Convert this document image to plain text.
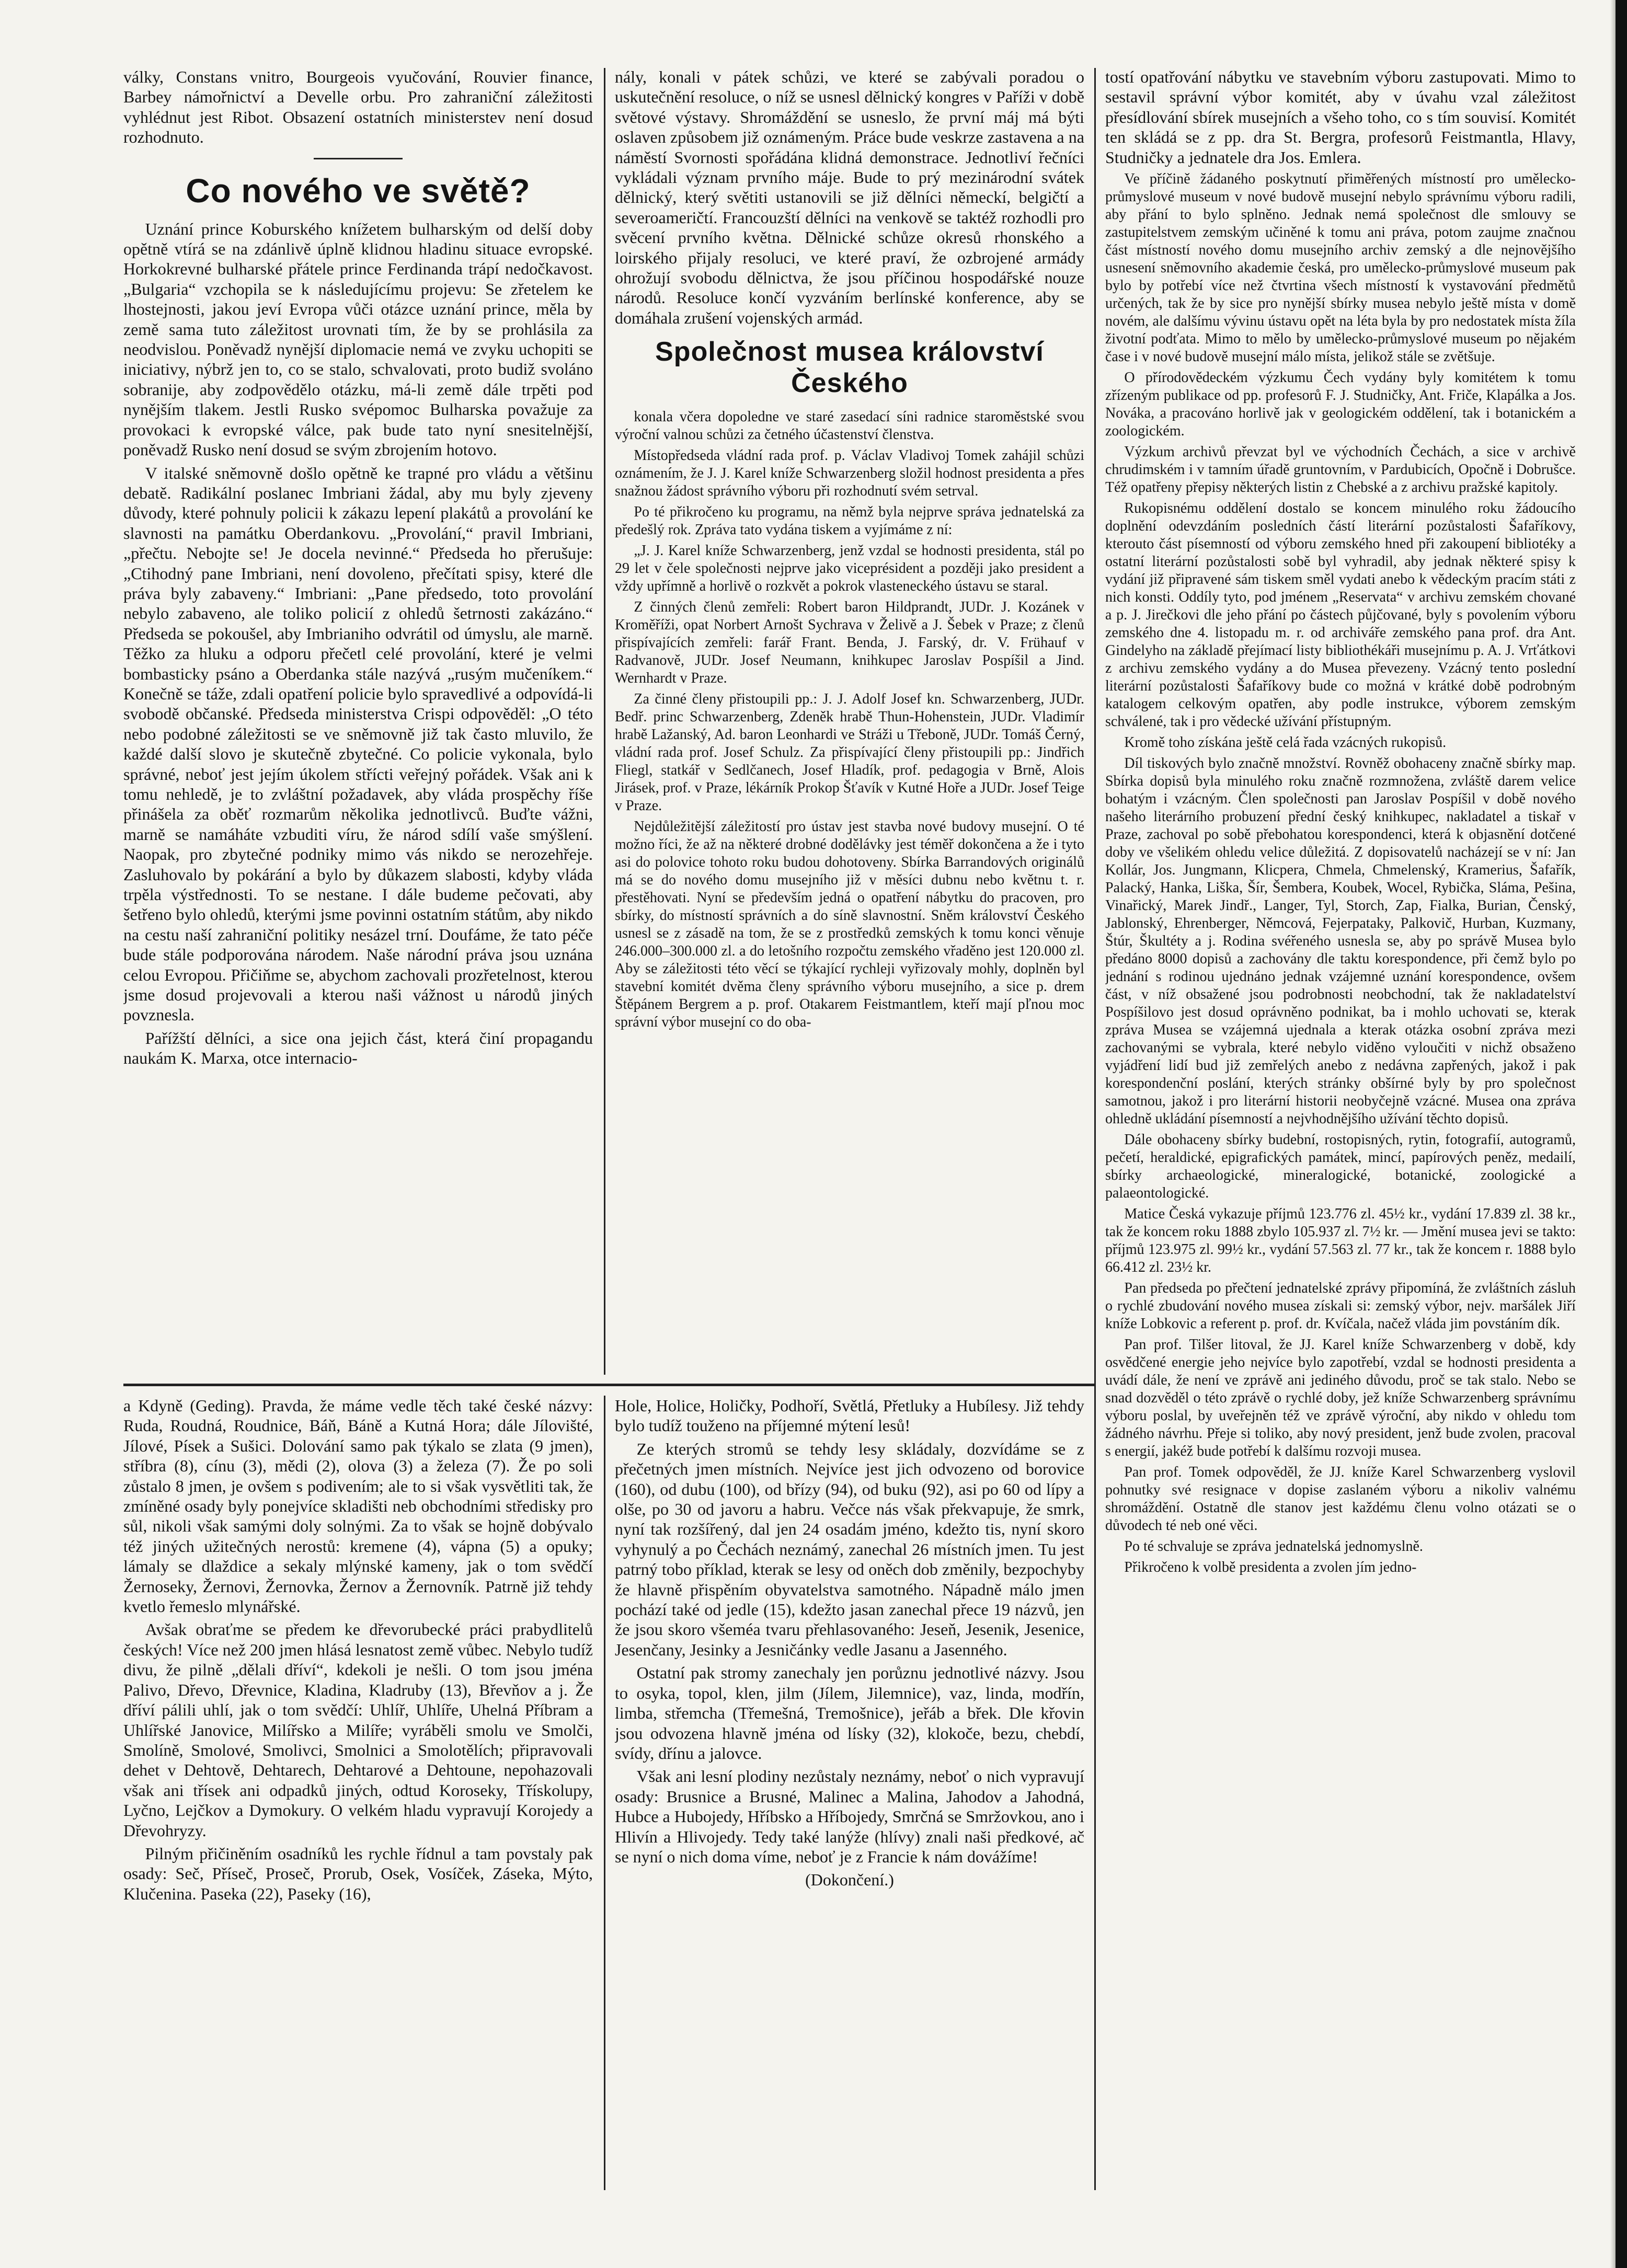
války, Constans vnitro, Bourgeois vyučování, Rouvier finance, Barbey námořnictví a Develle orbu. Pro zahraniční záležitosti vyhlédnut jest Ribot. Obsazení ostatních ministerstev není dosud rozhodnuto.

Co nového ve světě?

Uznání prince Koburského knížetem bulharským od delší doby opětně vtírá se na zdánlivě úplně klidnou hladinu situace evropské. Horkokrevné bulharské přátele prince Ferdinanda trápí nedočkavost. „Bulgaria“ vzchopila se k následujícímu projevu: Se zřetelem ke lhostejnosti, jakou jeví Evropa vůči otázce uznání prince, měla by země sama tuto záležitost urovnati tím, že by se prohlásila za neodvislou. Poněvadž nynější diplomacie nemá ve zvyku uchopiti se iniciativy, nýbrž jen to, co se stalo, schvalovati, proto budiž svoláno sobranije, aby zodpovědělo otázku, má-li země dále trpěti pod nynějším tlakem. Jestli Rusko svépomoc Bulharska považuje za provokaci k evropské válce, pak bude tato nyní snesitelnější, poněvadž Rusko není dosud se svým zbrojením hotovo.

V italské sněmovně došlo opětně ke trapné pro vládu a většinu debatě. Radikální poslanec Imbriani žádal, aby mu byly zjeveny důvody, které pohnuly policii k zákazu lepení plakátů a provolání ke slavnosti na památku Oberdankovu. „Provolání,“ pravil Imbriani, „přečtu. Nebojte se! Je docela nevinné.“ Předseda ho přerušuje: „Ctihodný pane Imbriani, není dovoleno, přečítati spisy, které dle práva byly zabaveny.“ Imbriani: „Pane předsedo, toto provolání nebylo zabaveno, ale toliko policií z ohledů šetrnosti zakázáno.“ Předseda se pokoušel, aby Imbrianiho odvrátil od úmyslu, ale marně. Těžko za hluku a odporu přečetl celé provolání, které je velmi bombasticky psáno a Oberdanka stále nazývá „rusým mučeníkem.“ Konečně se táže, zdali opatření policie bylo spravedlivé a odpovídá-li svobodě občanské. Předseda ministerstva Crispi odpověděl: „O této nebo podobné záležitosti se ve sněmovně již tak často mluvilo, že každé další slovo je skutečně zbytečné. Co policie vykonala, bylo správné, neboť jest jejím úkolem střícti veřejný pořádek. Však ani k tomu nehledě, je to zvláštní požadavek, aby vláda prospěchy říše přinášela za oběť rozmarům několika jednotlivců. Buďte vážni, marně se namáháte vzbuditi víru, že národ sdílí vaše smýšlení. Naopak, pro zbytečné podniky mimo vás nikdo se nerozehřeje. Zasluhovalo by pokárání a bylo by důkazem slabosti, kdyby vláda trpěla výstřednosti. To se nestane. I dále budeme pečovati, aby šetřeno bylo ohledů, kterými jsme povinni ostatním státům, aby nikdo na cestu naší zahraniční politiky nesázel trní. Doufáme, že tato péče bude stále podporována národem. Naše národní práva jsou uznána celou Evropou. Přičiňme se, abychom zachovali prozřetelnost, kterou jsme dosud projevovali a kterou naši vážnost u národů jiných povznesla.

Pařížští dělníci, a sice ona jejich část, která činí propagandu naukám K. Marxa, otce internacio-

nály, konali v pátek schůzi, ve které se zabývali poradou o uskutečnění resoluce, o níž se usnesl dělnický kongres v Paříži v době světové výstavy. Shromáždění se usneslo, že první máj má býti oslaven způsobem již oznámeným. Práce bude veskrze zastavena a na náměstí Svornosti spořádána klidná demonstrace. Jednotliví řečníci vykládali význam prvního máje. Bude to prý mezinárodní svátek dělnický, který světiti ustanovili se již dělníci německí, belgičtí a severoameričtí. Francouzští dělníci na venkově se taktéž rozhodli pro svěcení prvního května. Dělnické schůze okresů rhonského a loirského přijaly resoluci, ve které praví, že ozbrojené armády ohrožují svobodu dělnictva, že jsou příčinou hospodářské nouze národů. Resoluce končí vyzváním berlínské konference, aby se domáhala zrušení vojenských armád.

Společnost musea království Českého

konala včera dopoledne ve staré zasedací síni radnice staroměstské svou výroční valnou schůzi za četného účastenství členstva.

Místopředseda vládní rada prof. p. Václav Vladivoj Tomek zahájil schůzi oznámením, že J. J. Karel kníže Schwarzenberg složil hodnost presidenta a přes snažnou žádost správního výboru při rozhodnutí svém setrval.

Po té přikročeno ku programu, na němž byla nejprve správa jednatelská za předešlý rok. Zpráva tato vydána tiskem a vyjímáme z ní:

„J. J. Karel kníže Schwarzenberg, jenž vzdal se hodnosti presidenta, stál po 29 let v čele společnosti nejprve jako viceprésident a později jako president a vždy upřímně a horlivě o rozkvět a pokrok vlasteneckého ústavu se staral.

Z činných členů zemřeli: Robert baron Hildprandt, JUDr. J. Kozánek v Kroměříži, opat Norbert Arnošt Sychrava v Želivě a J. Šebek v Praze; z členů přispívajících zemřeli: farář Frant. Benda, J. Farský, dr. V. Frühauf v Radvanově, JUDr. Josef Neumann, knihkupec Jaroslav Pospíšil a Jind. Wernhardt v Praze.

Za činné členy přistoupili pp.: J. J. Adolf Josef kn. Schwarzenberg, JUDr. Bedř. princ Schwarzenberg, Zdeněk hrabě Thun-Hohenstein, JUDr. Vladimír hrabě Lažanský, Ad. baron Leonhardi ve Stráži u Třeboně, JUDr. Tomáš Černý, vládní rada prof. Josef Schulz. Za přispívající členy přistoupili pp.: Jindřich Fliegl, statkář v Sedlčanech, Josef Hladík, prof. pedagogia v Brně, Alois Jirásek, prof. v Praze, lékárník Prokop Šťavík v Kutné Hoře a JUDr. Josef Teige v Praze.

Nejdůležitější záležitostí pro ústav jest stavba nové budovy musejní. O té možno říci, že až na některé drobné dodělávky jest téměř dokončena a že i tyto asi do polovice tohoto roku budou dohotoveny. Sbírka Barrandových originálů má se do nového domu musejního již v měsíci dubnu nebo květnu t. r. přestěhovati. Nyní se především jedná o opatření nábytku do pracoven, pro sbírky, do místností správních a do síně slavnostní. Sněm království Českého usnesl se z zásadě na tom, že se z prostředků zemských k tomu konci věnuje 246.000–300.000 zl. a do letošního rozpočtu zemského vřaděno jest 120.000 zl. Aby se záležitosti této věcí se týkající rychleji vyřizovaly mohly, doplněn byl stavební komitét dvěma členy správního výboru musejního, a sice p. drem Štěpánem Bergrem a p. prof. Otakarem Feistmantlem, kteří mají pľnou moc správní výbor musejní co do oba-

tostí opatřování nábytku ve stavebním výboru zastupovati. Mimo to sestavil správní výbor komitét, aby v úvahu vzal záležitost přesídlování sbírek musejních a všeho toho, co s tím souvisí. Komitét ten skládá se z pp. dra St. Bergra, profesorů Feistmantla, Hlavy, Studničky a jednatele dra Jos. Emlera.

Ve příčině žádaného poskytnutí přiměřených místností pro umělecko-průmyslové museum v nové budově musejní nebylo správnímu výboru radili, aby přání to bylo splněno. Jednak nemá společnost dle smlouvy se zastupitelstvem zemským učiněné k tomu ani práva, potom zaujme značnou část místností nového domu musejního archiv zemský a dle nejnovějšího usnesení sněmovního akademie česká, pro umělecko-průmyslové museum pak bylo by potřebí více než čtvrtina všech místností k vystavování předmětů určených, tak že by sice pro nynější sbírky musea nebylo ještě místa v domě novém, ale dalšímu vývinu ústavu opět na léta byla by pro nedostatek místa žíla životní podťata. Mimo to mělo by umělecko-průmyslové museum po nějakém čase i v nové budově musejní málo místa, jelikož stále se zvětšuje.

O přírodovědeckém výzkumu Čech vydány byly komitétem k tomu zřízeným publikace od pp. profesorů F. J. Studničky, Ant. Friče, Klapálka a Jos. Nováka, a pracováno horlivě jak v geologickém oddělení, tak i botanickém a zoologickém.

Výzkum archivů převzat byl ve východních Čechách, a sice v archivě chrudimském i v tamním úřadě gruntovním, v Pardubicích, Opočně i Dobrušce. Též opatřeny přepisy některých listin z Chebské a z archivu pražské kapitoly.

Rukopisnému oddělení dostalo se koncem minulého roku žádoucího doplnění odevzdáním posledních částí literární pozůstalosti Šafaříkovy, kterouto část písemností od výboru zemského hned při zakoupení bibliotéky a ostatní literární pozůstalosti sobě byl vyhradil, aby jednak některé spisy k vydání již připravené sám tiskem směl vydati anebo k vědeckým pracím státi z nich konsti. Oddíly tyto, pod jménem „Reservata“ v archivu zemském chované a p. J. Jirečkovi dle jeho přání po částech půjčované, byly s povolením výboru zemského dne 4. listopadu m. r. od archiváře zemského pana prof. dra Ant. Gindelyho na základě přejímací listy bibliothékáři musejnímu p. A. J. Vrťátkovi z archivu zemského vydány a do Musea převezeny. Vzácný tento poslední literární pozůstalosti Šafaříkovy bude co možná v krátké době podrobným katalogem celkovým opatřen, aby podle instrukce, výborem zemským schválené, tak i pro vědecké užívání přístupným.

Kromě toho získána ještě celá řada vzácných rukopisů.

Díl tiskových bylo značně množství. Rovněž obohaceny značně sbírky map. Sbírka dopisů byla minulého roku značně rozmnožena, zvláště darem velice bohatým i vzácným. Člen společnosti pan Jaroslav Pospíšil v době nového našeho literárního probuzení přední český knihkupec, nakladatel a tiskař v Praze, zachoval po sobě přebohatou korespondenci, která k objasnění dotčené doby ve všelikém ohledu velice důležitá. Z dopisovatelů nacházejí se v ní: Jan Kollár, Jos. Jungmann, Klicpera, Chmela, Chmelenský, Kramerius, Šafařík, Palacký, Hanka, Liška, Šír, Šembera, Koubek, Wocel, Rybička, Sláma, Pešina, Vinařický, Marek Jindř., Langer, Tyl, Storch, Zap, Fialka, Burian, Čenský, Jablonský, Ehrenberger, Němcová, Fejerpataky, Palkovič, Hurban, Kuzmany, Štúr, Škultéty a j. Rodina svéřeného usnesla se, aby po správě Musea bylo předáno 8000 dopisů a zachovány dle taktu korespondence, při čemž bylo po jednání s rodinou ujednáno jednak vzájemné uznání korespondence, ovšem část, v níž obsažené jsou podrobnosti neobchodní, tak že nakladatelství Pospíšilovo jest dosud oprávněno podnikat, ba i mohlo uchovati se, kterak zpráva Musea se vzájemná ujednala a kterak otázka osobní zpráva mezi zachovanými se vybrala, které nebylo viděno vyloučiti v nichž obsaženo vyjádření lidí bud již zemřelých anebo z nedávna zapřených, jakož i pak korespondenční poslání, kterých stránky obšírné byly by pro společnost samotnou, jakož i pro literární historii neobyčejně vzácné. Musea ona zpráva ohledně ukládání písemností a nejvhodnějšího užívání těchto dopisů.

Dále obohaceny sbírky budební, rostopisných, rytin, fotografií, autogramů, pečetí, heraldické, epigrafických památek, mincí, papírových peněz, medailí, sbírky archaeologické, mineralogické, botanické, zoologické a palaeontologické.

Matice Česká vykazuje příjmů 123.776 zl. 45½ kr., vydání 17.839 zl. 38 kr., tak že koncem roku 1888 zbylo 105.937 zl. 7½ kr. — Jmění musea jevi se takto: příjmů 123.975 zl. 99½ kr., vydání 57.563 zl. 77 kr., tak že koncem r. 1888 bylo 66.412 zl. 23½ kr.

Pan předseda po přečtení jednatelské zprávy připomíná, že zvláštních zásluh o rychlé zbudování nového musea získali si: zemský výbor, nejv. maršálek Jiří kníže Lobkovic a referent p. prof. dr. Kvíčala, načež vláda jim povstáním dík.

Pan prof. Tilšer litoval, že JJ. Karel kníže Schwarzenberg v době, kdy osvědčené energie jeho nejvíce bylo zapotřebí, vzdal se hodnosti presidenta a uvádí dále, že není ve zprávě ani jediného důvodu, proč se tak stalo. Nebo se snad dozvěděl o této zprávě o rychlé doby, jež kníže Schwarzenberg správnímu výboru poslal, by uveřejněn též ve zprávě výroční, aby nikdo v ohledu tom žádného návrhu. Přeje si toliko, aby nový president, jenž bude zvolen, pracoval s energií, jakéž bude potřebí k dalšímu rozvoji musea.

Pan prof. Tomek odpověděl, že JJ. kníže Karel Schwarzenberg vyslovil pohnutky své resignace v dopise zaslaném výboru a nikoliv valnému shromáždění. Ostatně dle stanov jest každému členu volno otázati se o důvodech té neb oné věci.

Po té schvaluje se zpráva jednatelská jednomyslně.

Přikročeno k volbě presidenta a zvolen jím jedno-

a Kdyně (Geding). Pravda, že máme vedle těch také české názvy: Ruda, Roudná, Roudnice, Báň, Báně a Kutná Hora; dále Jílovišté, Jílové, Písek a Sušici. Dolování samo pak týkalo se zlata (9 jmen), stříbra (8), cínu (3), mědi (2), olova (3) a železa (7). Že po soli zůstalo 8 jmen, je ovšem s podivením; ale to si však vysvětliti tak, že zmíněné osady byly ponejvíce skladišti neb obchodními středisky pro sůl, nikoli však samými doly solnými. Za to však se hojně dobývalo též jiných užitečných nerostů: kremene (4), vápna (5) a opuky; lámaly se dlaždice a sekaly mlýnské kameny, jak o tom svědčí Žernoseky, Žernovi, Žernovka, Žernov a Žernovník. Patrně již tehdy kvetlo řemeslo mlynářské.

Avšak obraťme se předem ke dřevorubecké práci prabydlitelů českých! Více než 200 jmen hlásá lesnatost země vůbec. Nebylo tudíž divu, že pilně „dělali dříví“, kdekoli je nešli. O tom jsou jména Palivo, Dřevo, Dřevnice, Kladina, Kladruby (13), Břevňov a j. Že dříví pálili uhlí, jak o tom svědčí: Uhlíř, Uhlíře, Uhelná Příbram a Uhlířské Janovice, Milířsko a Milíře; vyráběli smolu ve Smolči, Smolíně, Smolové, Smolivci, Smolnici a Smolotělích; připravovali dehet v Dehtově, Dehtarech, Dehtarové a Dehtoune, nepohazovali však ani třísek ani odpadků jiných, odtud Koroseky, Třískolupy, Lyčno, Lejčkov a Dymokury. O velkém hladu vypravují Korojedy a Dřevohryzy.

Pilným přičiněním osadníků les rychle řídnul a tam povstaly pak osady: Seč, Příseč, Proseč, Prorub, Osek, Vosíček, Záseka, Mýto, Klučenina. Paseka (22), Paseky (16),

Hole, Holice, Holičky, Podhoří, Světlá, Přetluky a Hubílesy. Již tehdy bylo tudíž touženo na příjemné mýtení lesů!

Ze kterých stromů se tehdy lesy skládaly, dozvídáme se z přečetných jmen místních. Nejvíce jest jich odvozeno od borovice (160), od dubu (100), od břízy (94), od buku (92), asi po 60 od lípy a olše, po 30 od javoru a habru. Večce nás však překvapuje, že smrk, nyní tak rozšířený, dal jen 24 osadám jméno, kdežto tis, nyní skoro vyhynulý a po Čechách neznámý, zanechal 26 místních jmen. Tu jest patrný tobo příklad, kterak se lesy od oněch dob změnily, bezpochyby že hlavně přispěním obyvatelstva samotného. Nápadně málo jmen pochází také od jedle (15), kdežto jasan zanechal přece 19 názvů, jen že jsou skoro všeméa tvaru přehlasovaného: Jeseň, Jesenik, Jesenice, Jesenčany, Jesinky a Jesničánky vedle Jasanu a Jasenného.

Ostatní pak stromy zanechaly jen porůznu jednotlivé názvy. Jsou to osyka, topol, klen, jilm (Jílem, Jilemnice), vaz, linda, modřín, limba, střemcha (Třemešná, Tremošnice), jeřáb a břek. Dle křovin jsou odvozena hlavně jména od lísky (32), klokoče, bezu, chebdí, svídy, dřínu a jalovce.

Však ani lesní plodiny nezůstaly neznámy, neboť o nich vypravují osady: Brusnice a Brusné, Malinec a Malina, Jahodov a Jahodná, Hubce a Hubojedy, Hříbsko a Hříbojedy, Smrčná se Smržovkou, ano i Hlivín a Hlivojedy. Tedy také lanýže (hlívy) znali naši předkové, ač se nyní o nich doma víme, neboť je z Francie k nám dovážíme!

(Dokončení.)
